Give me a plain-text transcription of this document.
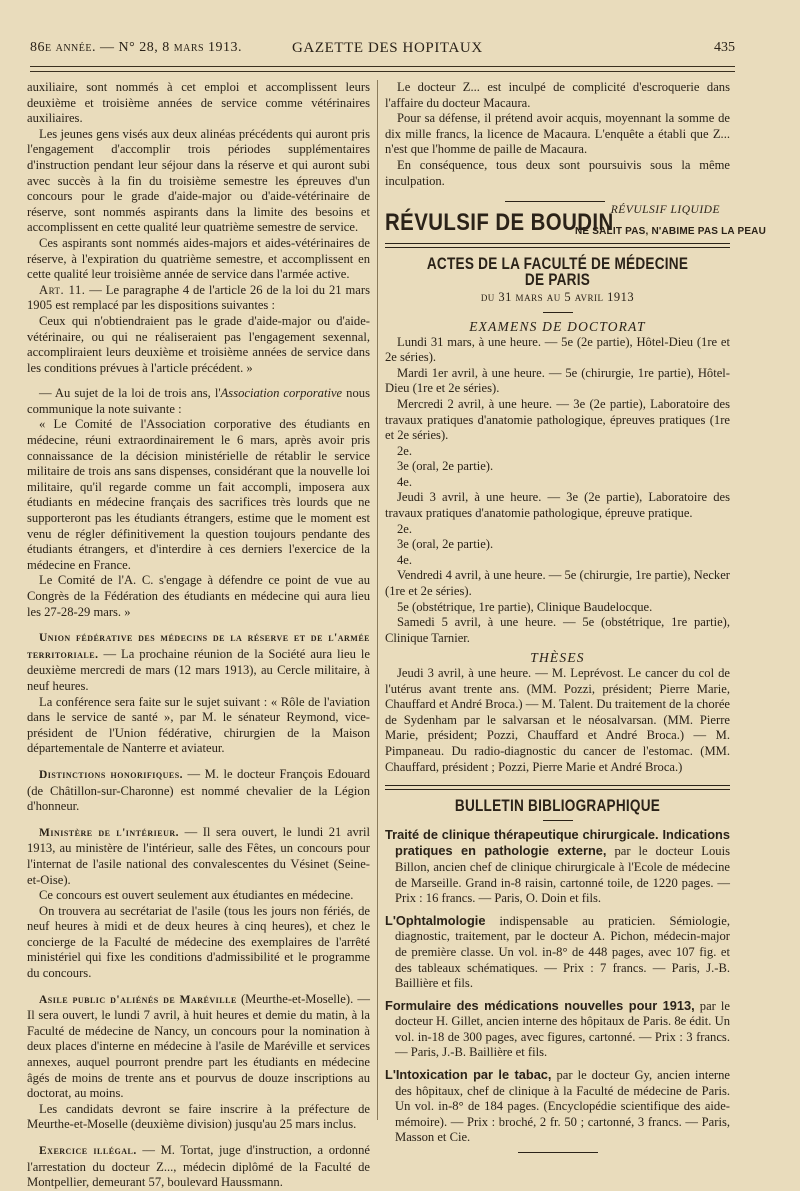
86e année. — N° 28, 8 mars 1913.	GAZETTE DES HOPITAUX	435

auxiliaire, sont nommés à cet emploi et accomplissent leurs deuxième et troisième années de service comme vétérinaires auxiliaires.

Les jeunes gens visés aux deux alinéas précédents qui auront pris l'engagement d'accomplir trois périodes supplémentaires d'instruction pendant leur séjour dans la réserve et qui auront subi avec succès à la fin du troisième semestre les épreuves d'un concours pour le grade d'aide-major ou d'aide-vétérinaire de réserve, sont nommés aspirants dans la limite des besoins et accomplissent en cette qualité leur quatrième semestre de service.

Ces aspirants sont nommés aides-majors et aides-vétérinaires de réserve, à l'expiration du quatrième semestre, et accomplissent en cette qualité leur troisième année de service dans l'armée active.

Art. 11. — Le paragraphe 4 de l'article 26 de la loi du 21 mars 1905 est remplacé par les dispositions suivantes :

Ceux qui n'obtiendraient pas le grade d'aide-major ou d'aide-vétérinaire, ou qui ne réaliseraient pas l'engagement sexennal, accompliraient leurs deuxième et troisième années de service dans les conditions prévues à l'article précédent. »

— Au sujet de la loi de trois ans, l'Association corporative nous communique la note suivante :

« Le Comité de l'Association corporative des étudiants en médecine, réuni extraordinairement le 6 mars, après avoir pris connaissance de la décision ministérielle de rétablir le service militaire de trois ans sans dispenses, considérant que la nouvelle loi militaire, qu'il regarde comme un fait accompli, imposera aux étudiants en médecine français des sacrifices très lourds que ne supporteront pas les étudiants étrangers, estime que le moment est venu de régler définitivement la question toujours pendante des étudiants étrangers, et d'interdire à ces derniers l'exercice de la médecine en France.

Le Comité de l'A. C. s'engage à défendre ce point de vue au Congrès de la Fédération des étudiants en médecine qui aura lieu les 27-28-29 mars. »

Union fédérative des médecins de la réserve et de l'armée territoriale. — La prochaine réunion de la Société aura lieu le deuxième mercredi de mars (12 mars 1913), au Cercle militaire, à neuf heures.

La conférence sera faite sur le sujet suivant : « Rôle de l'aviation dans le service de santé », par M. le sénateur Reymond, vice-président de l'Union fédérative, chirurgien de la Maison départementale de Nanterre et aviateur.

Distinctions honorifiques. — M. le docteur François Edouard (de Châtillon-sur-Charonne) est nommé chevalier de la Légion d'honneur.

Ministère de l'intérieur. — Il sera ouvert, le lundi 21 avril 1913, au ministère de l'intérieur, salle des Fêtes, un concours pour l'internat de l'asile national des convalescentes du Vésinet (Seine-et-Oise).

Ce concours est ouvert seulement aux étudiantes en médecine.

On trouvera au secrétariat de l'asile (tous les jours non fériés, de neuf heures à midi et de deux heures à cinq heures), et chez le concierge de la Faculté de médecine des exemplaires de l'arrêté ministériel qui fixe les conditions d'admissibilité et le programme du concours.

Asile public d'aliénés de Maréville (Meurthe-et-Moselle). — Il sera ouvert, le lundi 7 avril, à huit heures et demie du matin, à la Faculté de médecine de Nancy, un concours pour la nomination à deux places d'interne en médecine à l'asile de Maréville et services annexes, auquel pourront prendre part les étudiants en médecine âgés de moins de trente ans et pourvus de douze inscriptions au doctorat, au moins.

Les candidats devront se faire inscrire à la préfecture de Meurthe-et-Moselle (deuxième division) jusqu'au 25 mars inclus.

Exercice illégal. — M. Tortat, juge d'instruction, a ordonné l'arrestation du docteur Z..., médecin diplômé de la Faculté de Montpellier, demeurant 57, boulevard Haussmann.

Le docteur Z... est inculpé de complicité d'escroquerie dans l'affaire du docteur Macaura.

Pour sa défense, il prétend avoir acquis, moyennant la somme de dix mille francs, la licence de Macaura. L'enquête a établi que Z... n'est que l'homme de paille de Macaura.

En conséquence, tous deux sont poursuivis sous la même inculpation.

RÉVULSIF LIQUIDE
RÉVULSIF DE BOUDIN
NE SALIT PAS, N'ABIME PAS LA PEAU
ACTES DE LA FACULTÉ DE MÉDECINE DE PARIS
du 31 mars au 5 avril 1913
EXAMENS DE DOCTORAT

Lundi 31 mars, à une heure. — 5e (2e partie), Hôtel-Dieu (1re et 2e séries).

Mardi 1er avril, à une heure. — 5e (chirurgie, 1re partie), Hôtel-Dieu (1re et 2e séries).

Mercredi 2 avril, à une heure. — 3e (2e partie), Laboratoire des travaux pratiques d'anatomie pathologique, épreuves pratiques (1re et 2e séries).

2e.

3e (oral, 2e partie).

4e.

Jeudi 3 avril, à une heure. — 3e (2e partie), Laboratoire des travaux pratiques d'anatomie pathologique, épreuve pratique.

2e.

3e (oral, 2e partie).

4e.

Vendredi 4 avril, à une heure. — 5e (chirurgie, 1re partie), Necker (1re et 2e séries).

5e (obstétrique, 1re partie), Clinique Baudelocque.

Samedi 5 avril, à une heure. — 5e (obstétrique, 1re partie), Clinique Tarnier.

THÈSES

Jeudi 3 avril, à une heure. — M. Leprévost. Le cancer du col de l'utérus avant trente ans. (MM. Pozzi, président; Pierre Marie, Chauffard et André Broca.) — M. Talent. Du traitement de la chorée de Sydenham par le salvarsan et le néosalvarsan. (MM. Pierre Marie, président; Pozzi, Chauffard et André Broca.) — M. Pimpaneau. Du radio-diagnostic du cancer de l'estomac. (MM. Chauffard, président ; Pozzi, Pierre Marie et André Broca.)

BULLETIN BIBLIOGRAPHIQUE

Traité de clinique thérapeutique chirurgicale. Indications pratiques en pathologie externe, par le docteur Louis Billon, ancien chef de clinique chirurgicale à l'Ecole de médecine de Marseille. Grand in-8 raisin, cartonné toile, de 1220 pages. — Prix : 16 francs. — Paris, O. Doin et fils.

L'Ophtalmologie indispensable au praticien. Sémiologie, diagnostic, traitement, par le docteur A. Pichon, médecin-major de première classe. Un vol. in-8° de 448 pages, avec 107 fig. et des tableaux schématiques. — Prix : 7 francs. — Paris, J.-B. Baillière et fils.

Formulaire des médications nouvelles pour 1913, par le docteur H. Gillet, ancien interne des hôpitaux de Paris. 8e édit. Un vol. in-18 de 300 pages, avec figures, cartonné. — Prix : 3 francs. — Paris, J.-B. Baillière et fils.

L'Intoxication par le tabac, par le docteur Gy, ancien interne des hôpitaux, chef de clinique à la Faculté de médecine de Paris. Un vol. in-8° de 184 pages. (Encyclopédie scientifique des aide-mémoire). — Prix : broché, 2 fr. 50 ; cartonné, 3 francs. — Paris, Masson et Cie.
